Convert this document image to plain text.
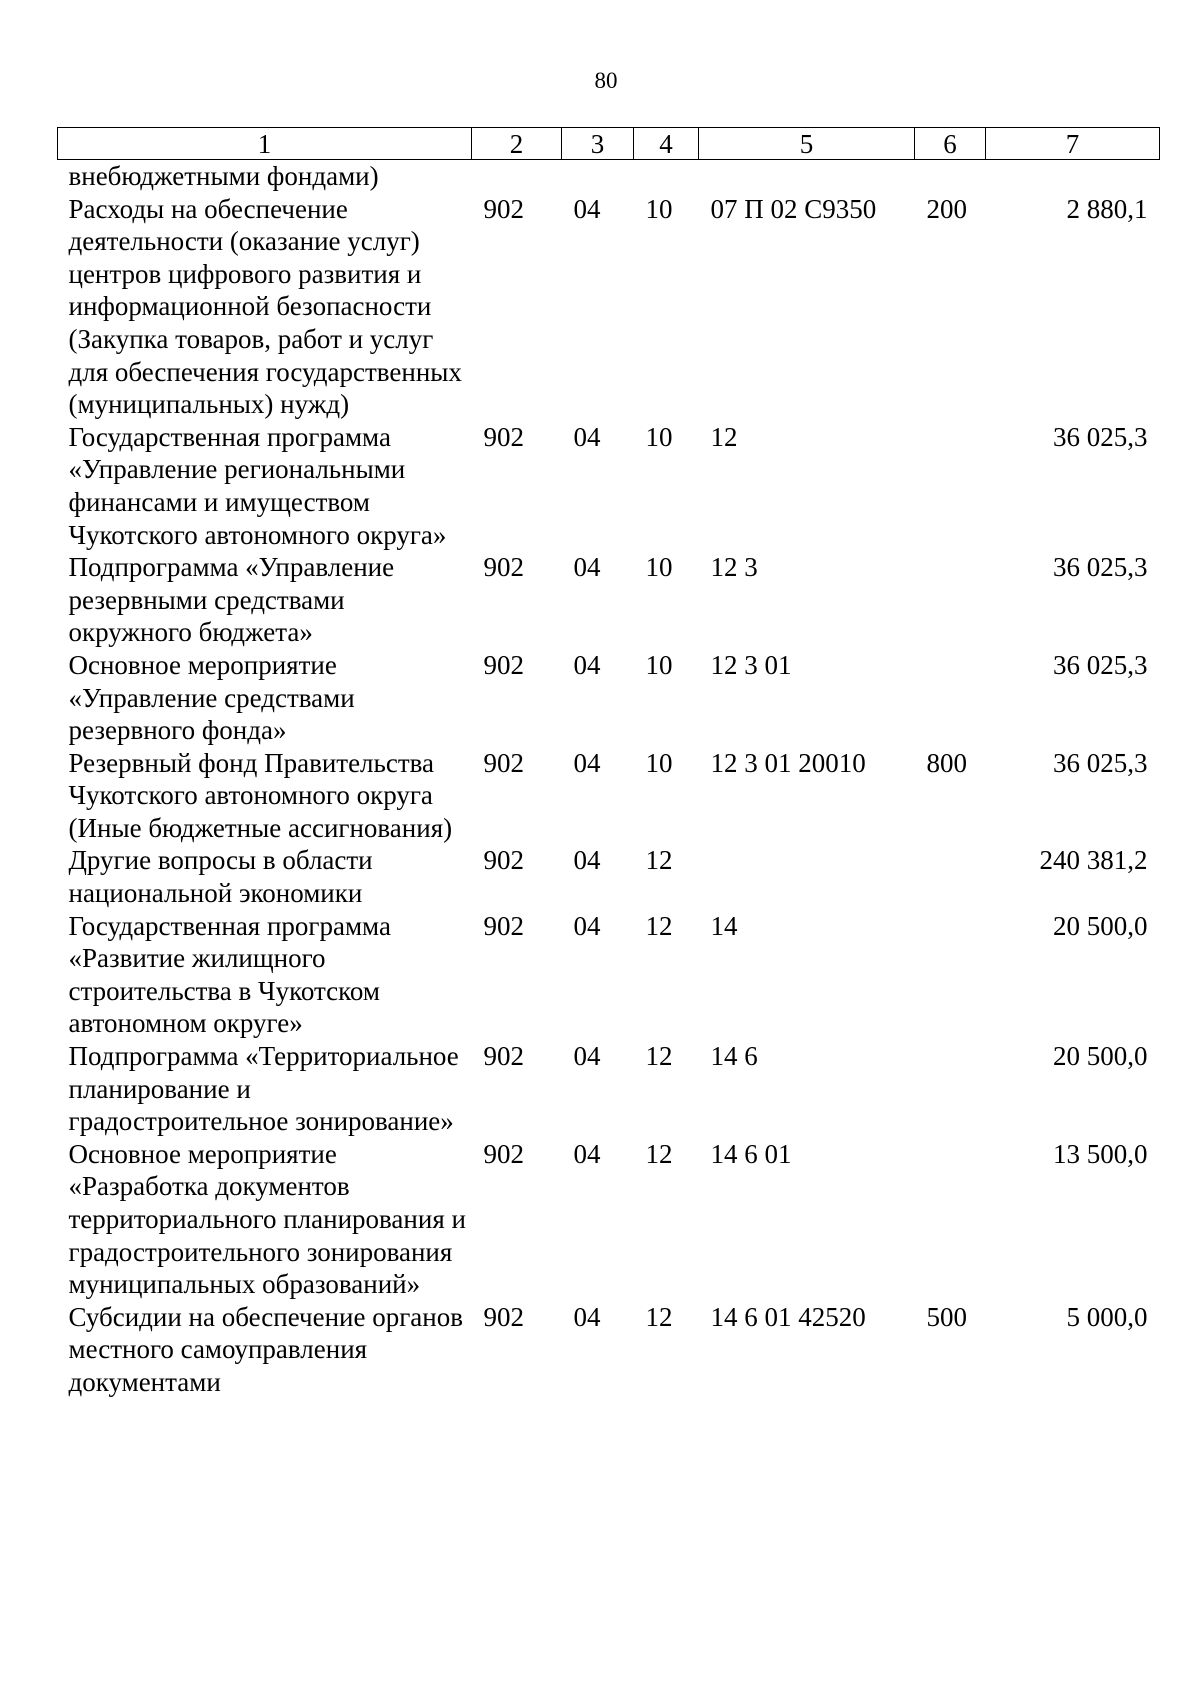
80
1	2	3	4	5	6	7
внебюджетными фондами)						
Расходы на обеспечение деятельности (оказание услуг) центров цифрового развития и информационной безопасности (Закупка товаров, работ и услуг для обеспечения государственных (муниципальных) нужд)	902	04	10	07 П 02 С9350	200	2 880,1
Государственная программа «Управление региональными финансами и имуществом Чукотского автономного округа»	902	04	10	12		36 025,3
Подпрограмма «Управление резервными средствами окружного бюджета»	902	04	10	12 3		36 025,3
Основное мероприятие «Управление средствами резервного фонда»	902	04	10	12 3 01		36 025,3
Резервный фонд Правительства Чукотского автономного округа (Иные бюджетные ассигнования)	902	04	10	12 3 01 20010	800	36 025,3
Другие вопросы в области национальной экономики	902	04	12			240 381,2
Государственная программа «Развитие жилищного строительства в Чукотском автономном округе»	902	04	12	14		20 500,0
Подпрограмма «Территориальное планирование и градостроительное зонирование»	902	04	12	14 6		20 500,0
Основное мероприятие «Разработка документов территориального планирования и градостроительного зонирования муниципальных образований»	902	04	12	14 6 01		13 500,0
Субсидии на обеспечение органов местного самоуправления документами	902	04	12	14 6 01 42520	500	5 000,0
